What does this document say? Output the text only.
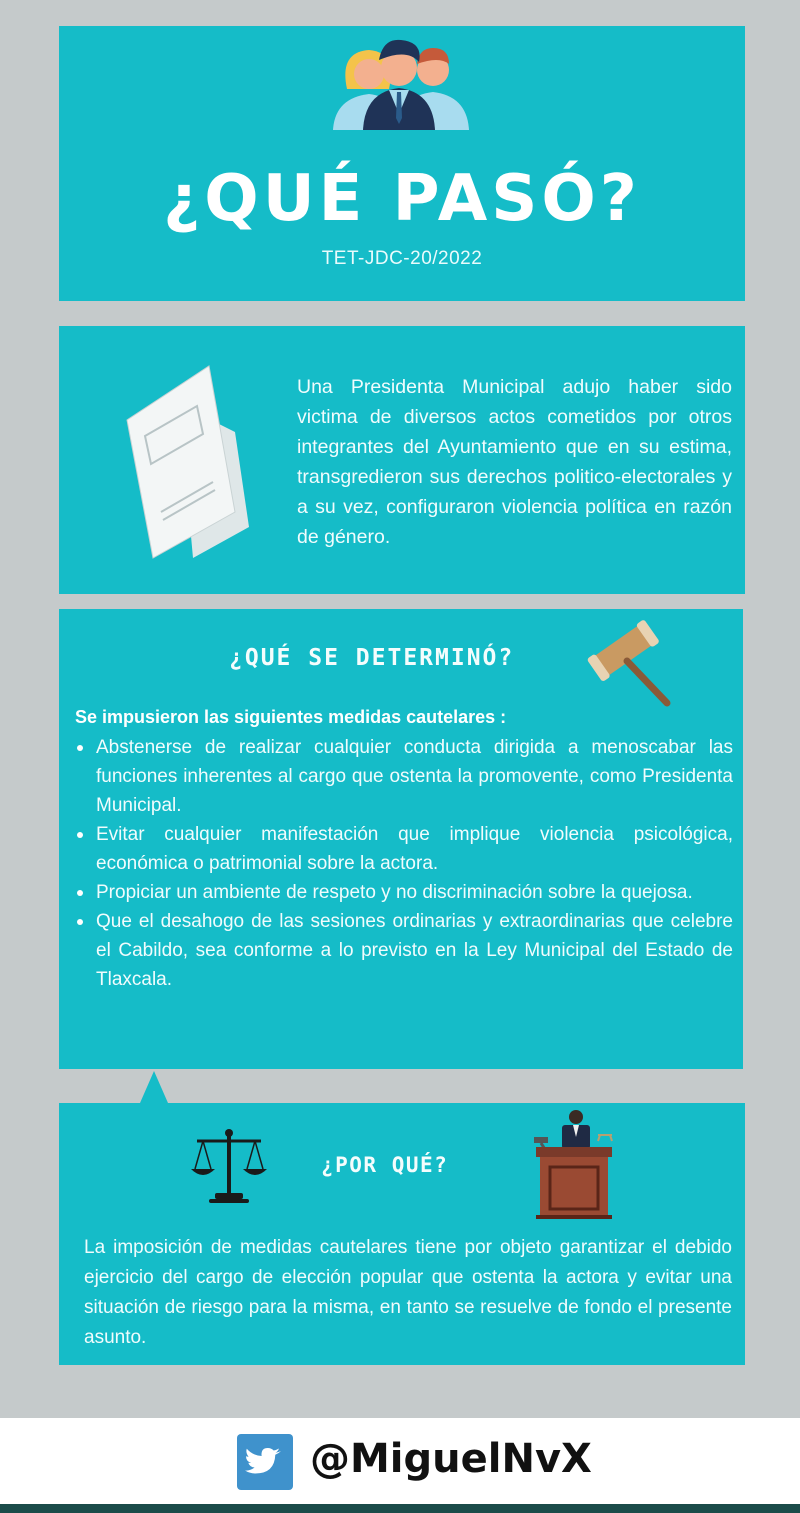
¿QUÉ PASÓ?
TET-JDC-20/2022
Una Presidenta Municipal adujo haber sido victima de diversos actos cometidos por otros integrantes del Ayuntamiento que en su estima, transgredieron sus derechos politico-electorales y a su vez, configuraron violencia política en razón de género.
¿QUÉ SE DETERMINÓ?
Se impusieron las siguientes medidas cautelares :
Abstenerse de realizar cualquier conducta dirigida a menoscabar las funciones inherentes al cargo que ostenta la promovente, como Presidenta Municipal.
Evitar cualquier manifestación que implique violencia psicológica, económica o patrimonial sobre la actora.
Propiciar un ambiente de respeto y no discriminación sobre la quejosa.
Que el desahogo de las sesiones ordinarias y extraordinarias que celebre el Cabildo, sea conforme a lo previsto en la Ley Municipal del Estado de Tlaxcala.
¿POR QUÉ?
La imposición de medidas cautelares tiene por objeto garantizar el debido ejercicio del cargo de elección popular que ostenta la actora y evitar una situación de riesgo para la misma, en tanto se resuelve de fondo el presente asunto.
@MiguelNvX
